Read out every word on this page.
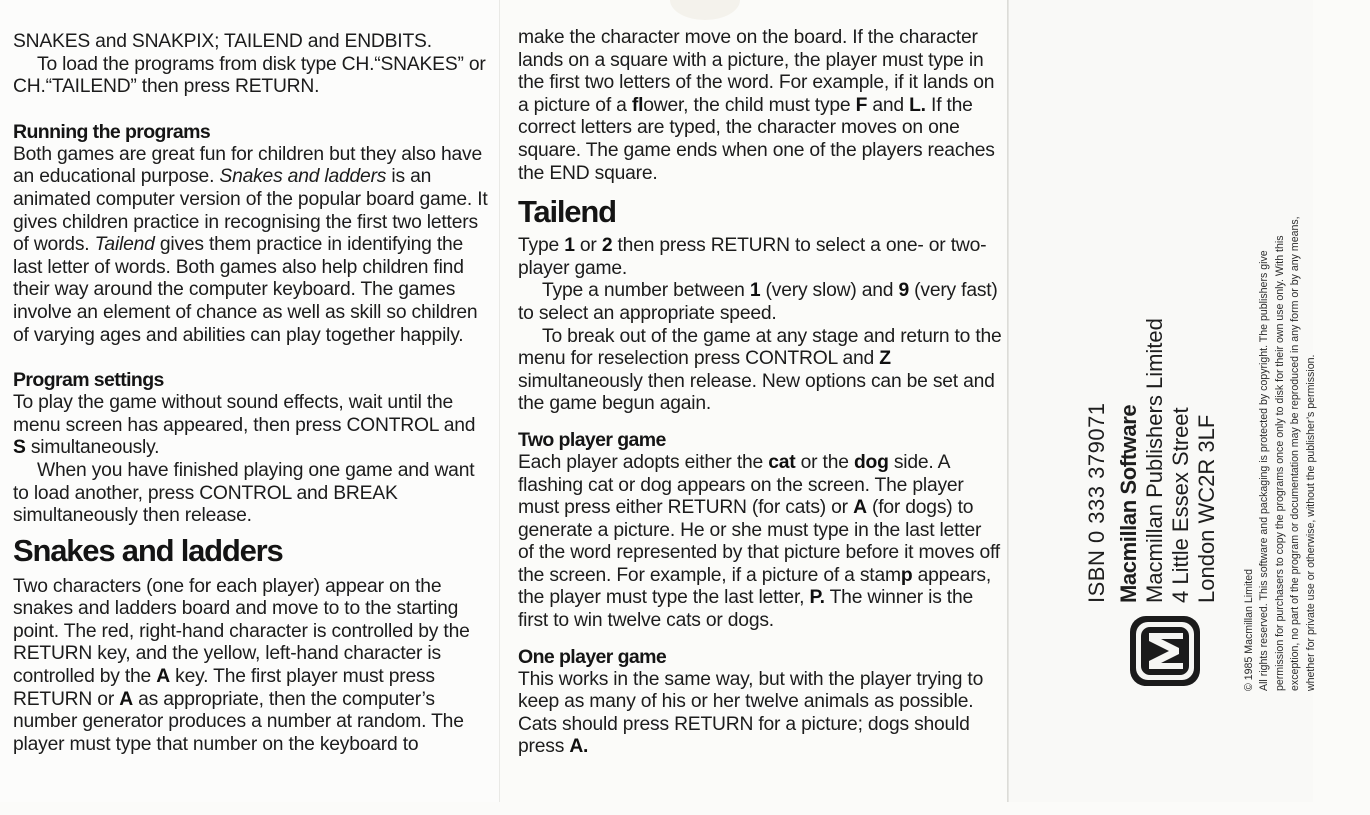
SNAKES and SNAKPIX; TAILEND and ENDBITS.

To load the programs from disk type CH.“SNAKES” or CH.“TAILEND” then press RETURN.

Running the programs

Both games are great fun for children but they also have an educational purpose. Snakes and ladders is an animated computer version of the popular board game. It gives children practice in recognising the first two letters of words. Tailend gives them practice in identifying the last letter of words. Both games also help children find their way around the computer keyboard. The games involve an element of chance as well as skill so children of varying ages and abilities can play together happily.

Program settings

To play the game without sound effects, wait until the menu screen has appeared, then press CONTROL and S simultaneously.

When you have finished playing one game and want to load another, press CONTROL and BREAK simultaneously then release.

Snakes and ladders

Two characters (one for each player) appear on the snakes and ladders board and move to to the starting point. The red, right-hand character is controlled by the RETURN key, and the yellow, left-hand character is controlled by the A key. The first player must press RETURN or A as appropriate, then the computer’s number generator produces a number at random. The player must type that number on the keyboard to

make the character move on the board. If the character lands on a square with a picture, the player must type in the first two letters of the word. For example, if it lands on a picture of a flower, the child must type F and L. If the correct letters are typed, the character moves on one square. The game ends when one of the players reaches the END square.

Tailend

Type 1 or 2 then press RETURN to select a one- or two-player game.

Type a number between 1 (very slow) and 9 (very fast) to select an appropriate speed.

To break out of the game at any stage and return to the menu for reselection press CONTROL and Z simultaneously then release. New options can be set and the game begun again.

Two player game

Each player adopts either the cat or the dog side. A flashing cat or dog appears on the screen. The player must press either RETURN (for cats) or A (for dogs) to generate a picture. He or she must type in the last letter of the word represented by that picture before it moves off the screen. For example, if a picture of a stamp appears, the player must type the last letter, P. The winner is the first to win twelve cats or dogs.

One player game

This works in the same way, but with the player trying to keep as many of his or her twelve animals as possible. Cats should press RETURN for a picture; dogs should press A.

ISBN 0 333 379071 Macmillan Software Macmillan Publishers Limited 4 Little Essex Street London WC2R 3LF
© 1985 Macmillan Limited
All rights reserved. This software and packaging is protected by copyright. The publishers give permission for purchasers to copy the programs once only to disk for their own use only. With this exception, no part of the program or documentation may be reproduced in any form or by any means, whether for private use or otherwise, without the publisher’s permission.
